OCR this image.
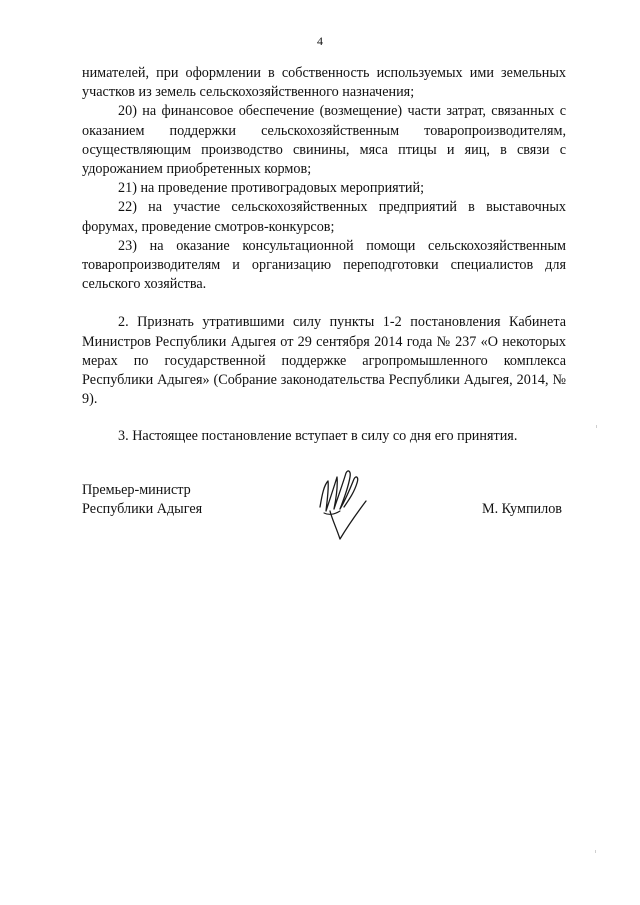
4

нимателей, при оформлении в собственность используемых ими земельных участков из земель сельскохозяйственного назначения;

20) на финансовое обеспечение (возмещение) части затрат, связанных с оказанием поддержки сельскохозяйственным товаропроизводителям, осуществляющим производство свинины, мяса птицы и яиц, в связи с удорожанием приобретенных кормов;

21) на проведение противоградовых мероприятий;

22) на участие сельскохозяйственных предприятий в выставочных форумах, проведение смотров-конкурсов;

23) на оказание консультационной помощи сельскохозяйственным товаропроизводителям и организацию переподготовки специалистов для сельского хозяйства.

2. Признать утратившими силу пункты 1-2 постановления Кабинета Министров Республики Адыгея от 29 сентября 2014 года № 237 «О некоторых мерах по государственной поддержке агропромышленного комплекса Республики Адыгея» (Собрание законодательства Республики Адыгея, 2014, № 9).

3. Настоящее постановление вступает в силу со дня его принятия.

Премьер-министр
Республики Адыгея	М. Кумпилов
